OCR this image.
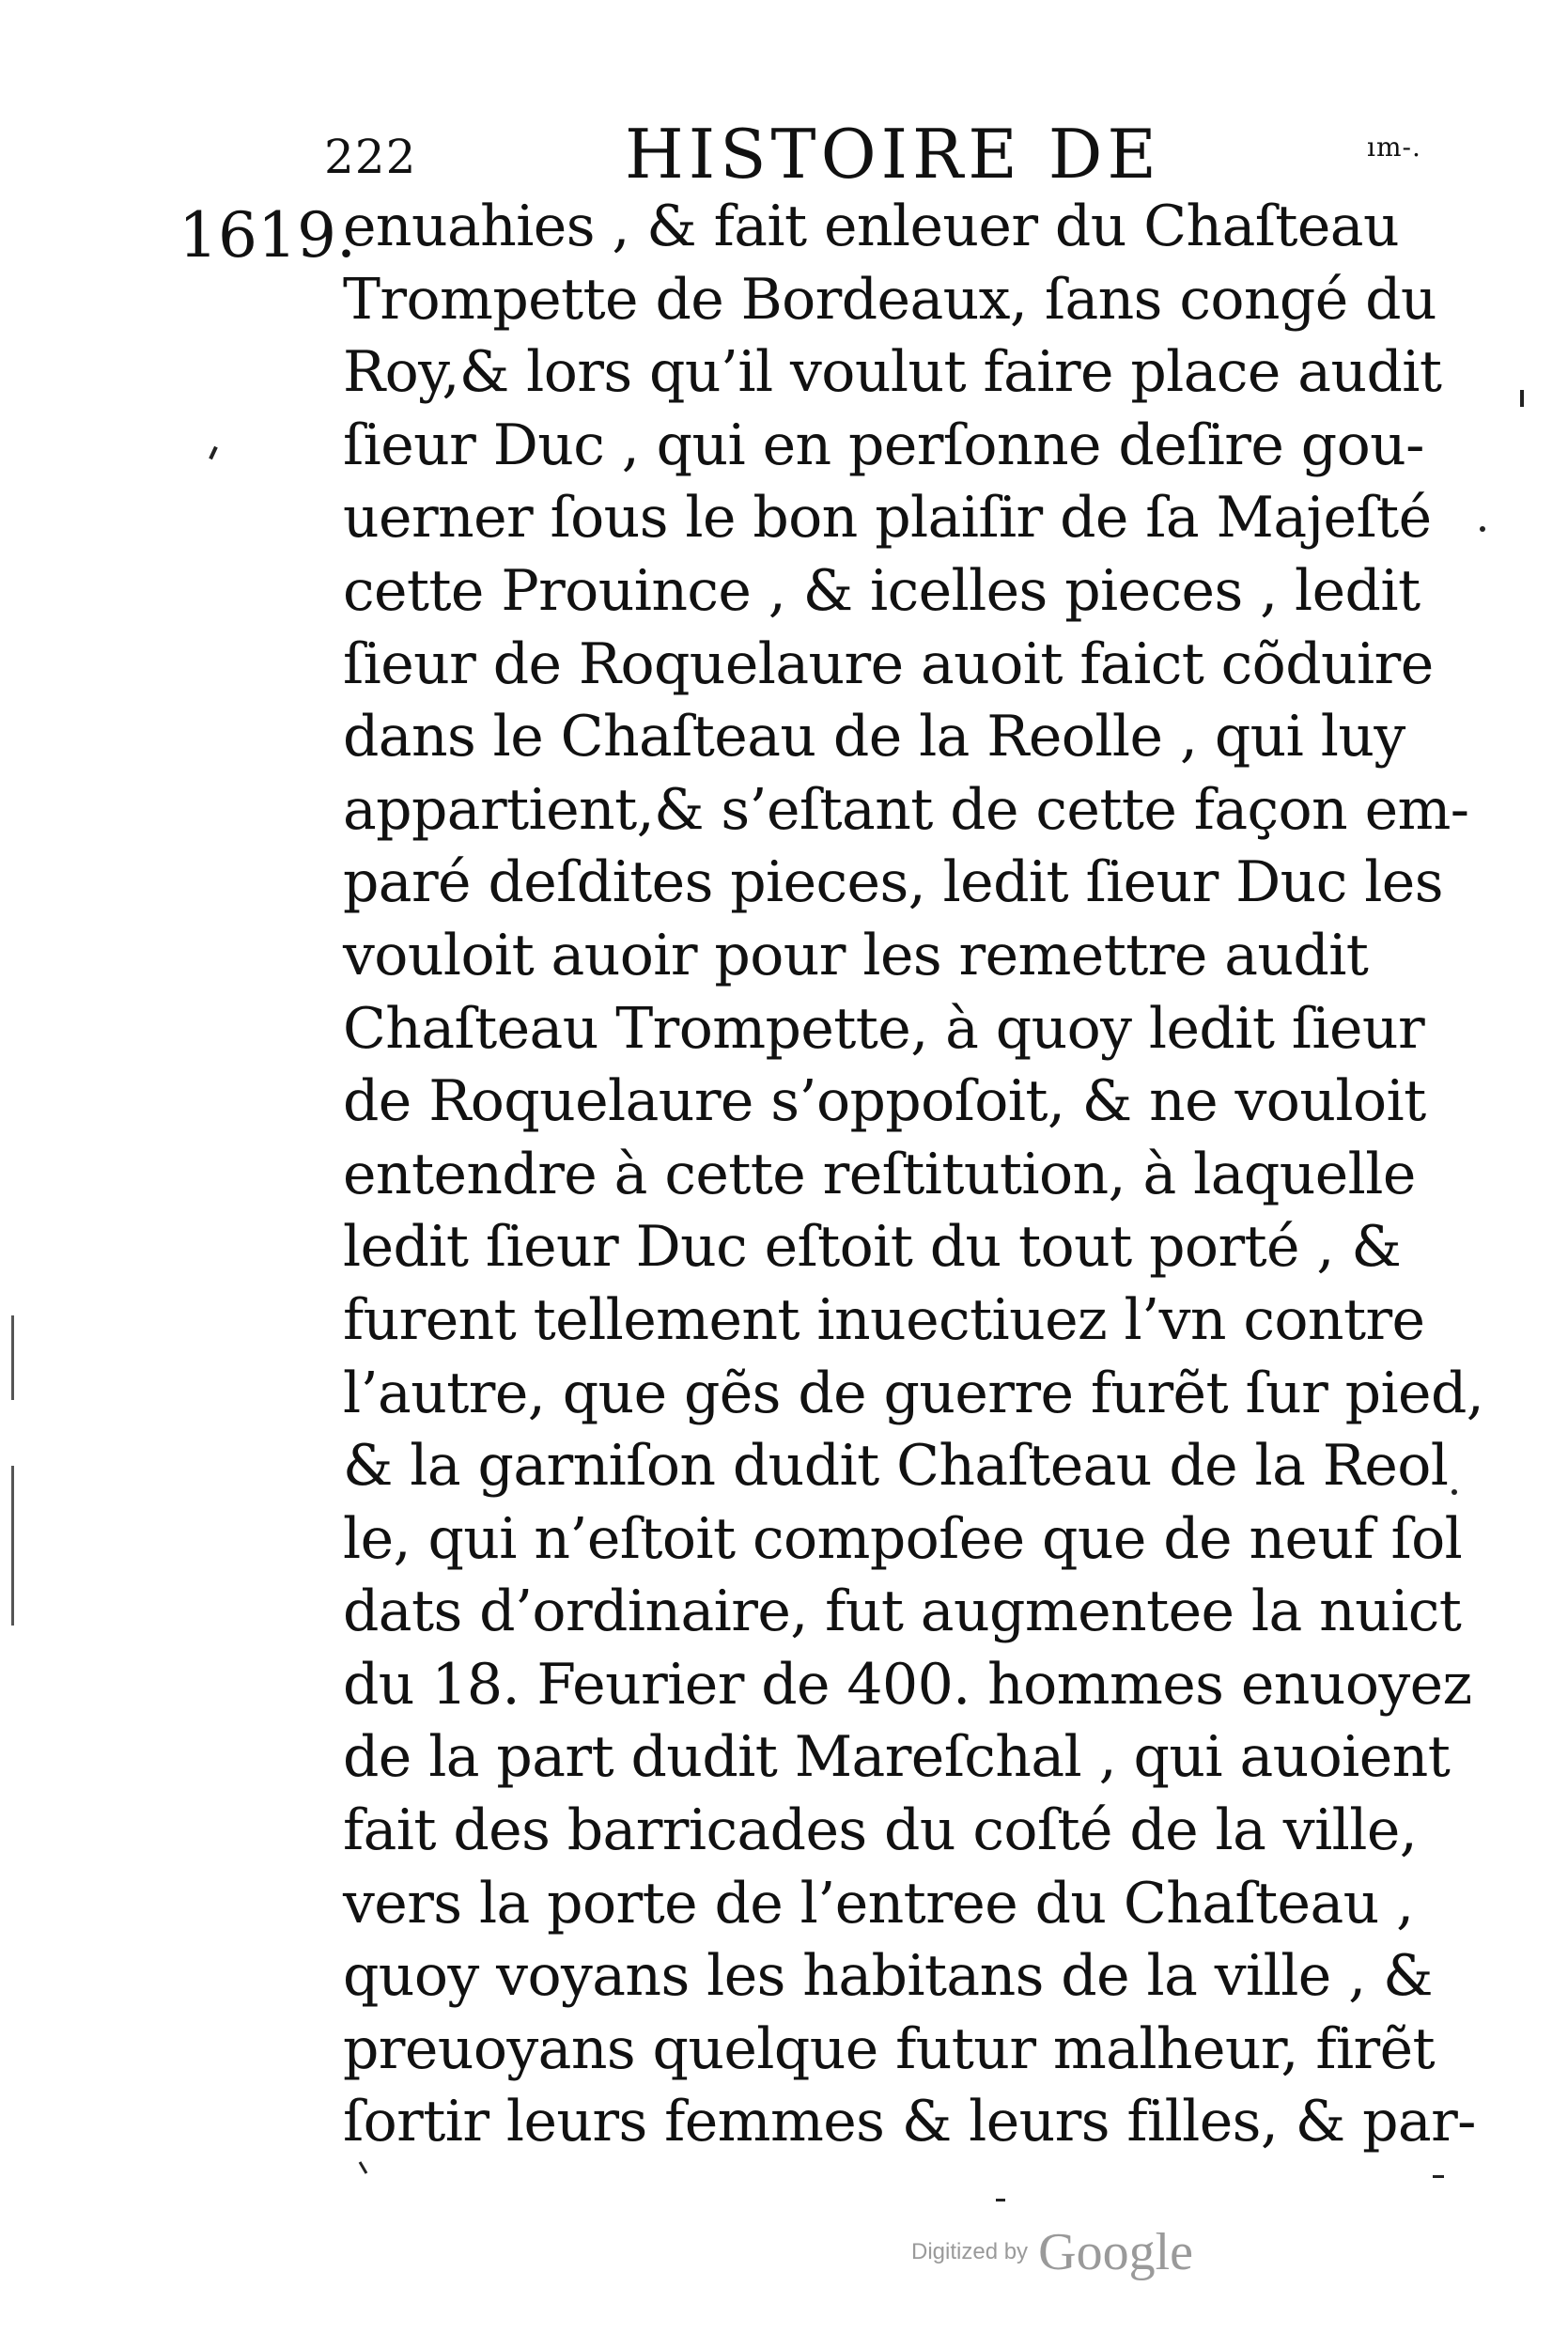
222	HISTOIRE DE	ım-.
1619.
enuahies , & fait enleuer du Chaſteau
Trompette de Bordeaux, ſans congé du
Roy,& lors qu’il voulut faire place audit
ſieur Duc , qui en perſonne deſire gou-
uerner ſous le bon plaiſir de ſa Majeſté
cette Prouince , & icelles pieces , ledit
ſieur de Roquelaure auoit faict cõduire
dans le Chaſteau de la Reolle , qui luy
appartient,& s’eſtant de cette façon em-
paré deſdites pieces, ledit ſieur Duc les
vouloit auoir pour les remettre audit
Chaſteau Trompette, à quoy ledit ſieur
de Roquelaure s’oppoſoit, & ne vouloit
entendre à cette reſtitution, à laquelle
ledit ſieur Duc eſtoit du tout porté , &
furent tellement inuectiuez l’vn contre
l’autre, que gẽs de guerre furẽt ſur pied,
& la garniſon dudit Chaſteau de la Reol
le, qui n’eſtoit compoſee que de neuf ſol
dats d’ordinaire, fut augmentee la nuict
du 18. Feurier de 400. hommes enuoyez
de la part dudit Mareſchal , qui auoient
fait des barricades du coſté de la ville,
vers la porte de l’entree du Chaſteau ,
quoy voyans les habitans de la ville , &
preuoyans quelque futur malheur, firẽt
ſortir leurs femmes & leurs filles, & par-
Digitized by Google
